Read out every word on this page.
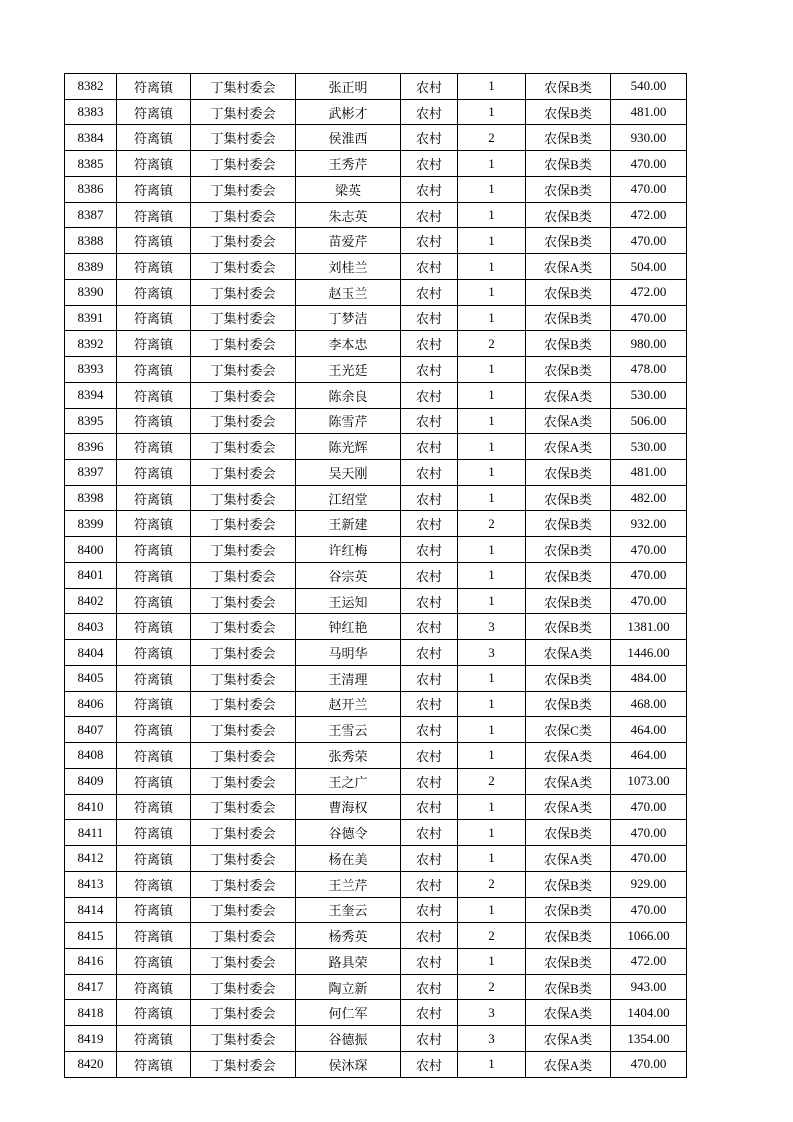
8382	符离镇	丁集村委会	张正明	农村	1	农保B类	540.00
8383	符离镇	丁集村委会	武彬才	农村	1	农保B类	481.00
8384	符离镇	丁集村委会	侯淮西	农村	2	农保B类	930.00
8385	符离镇	丁集村委会	王秀芹	农村	1	农保B类	470.00
8386	符离镇	丁集村委会	梁英	农村	1	农保B类	470.00
8387	符离镇	丁集村委会	朱志英	农村	1	农保B类	472.00
8388	符离镇	丁集村委会	苗爱芹	农村	1	农保B类	470.00
8389	符离镇	丁集村委会	刘桂兰	农村	1	农保A类	504.00
8390	符离镇	丁集村委会	赵玉兰	农村	1	农保B类	472.00
8391	符离镇	丁集村委会	丁梦洁	农村	1	农保B类	470.00
8392	符离镇	丁集村委会	李本忠	农村	2	农保B类	980.00
8393	符离镇	丁集村委会	王光廷	农村	1	农保B类	478.00
8394	符离镇	丁集村委会	陈余良	农村	1	农保A类	530.00
8395	符离镇	丁集村委会	陈雪芹	农村	1	农保A类	506.00
8396	符离镇	丁集村委会	陈光辉	农村	1	农保A类	530.00
8397	符离镇	丁集村委会	吴天刚	农村	1	农保B类	481.00
8398	符离镇	丁集村委会	江绍堂	农村	1	农保B类	482.00
8399	符离镇	丁集村委会	王新建	农村	2	农保B类	932.00
8400	符离镇	丁集村委会	许红梅	农村	1	农保B类	470.00
8401	符离镇	丁集村委会	谷宗英	农村	1	农保B类	470.00
8402	符离镇	丁集村委会	王运知	农村	1	农保B类	470.00
8403	符离镇	丁集村委会	钟红艳	农村	3	农保B类	1381.00
8404	符离镇	丁集村委会	马明华	农村	3	农保A类	1446.00
8405	符离镇	丁集村委会	王清理	农村	1	农保B类	484.00
8406	符离镇	丁集村委会	赵开兰	农村	1	农保B类	468.00
8407	符离镇	丁集村委会	王雪云	农村	1	农保C类	464.00
8408	符离镇	丁集村委会	张秀荣	农村	1	农保A类	464.00
8409	符离镇	丁集村委会	王之广	农村	2	农保A类	1073.00
8410	符离镇	丁集村委会	曹海权	农村	1	农保A类	470.00
8411	符离镇	丁集村委会	谷德令	农村	1	农保B类	470.00
8412	符离镇	丁集村委会	杨在美	农村	1	农保A类	470.00
8413	符离镇	丁集村委会	王兰芹	农村	2	农保B类	929.00
8414	符离镇	丁集村委会	王奎云	农村	1	农保B类	470.00
8415	符离镇	丁集村委会	杨秀英	农村	2	农保B类	1066.00
8416	符离镇	丁集村委会	路具荣	农村	1	农保B类	472.00
8417	符离镇	丁集村委会	陶立新	农村	2	农保B类	943.00
8418	符离镇	丁集村委会	何仁军	农村	3	农保A类	1404.00
8419	符离镇	丁集村委会	谷德振	农村	3	农保A类	1354.00
8420	符离镇	丁集村委会	侯沐琛	农村	1	农保A类	470.00
